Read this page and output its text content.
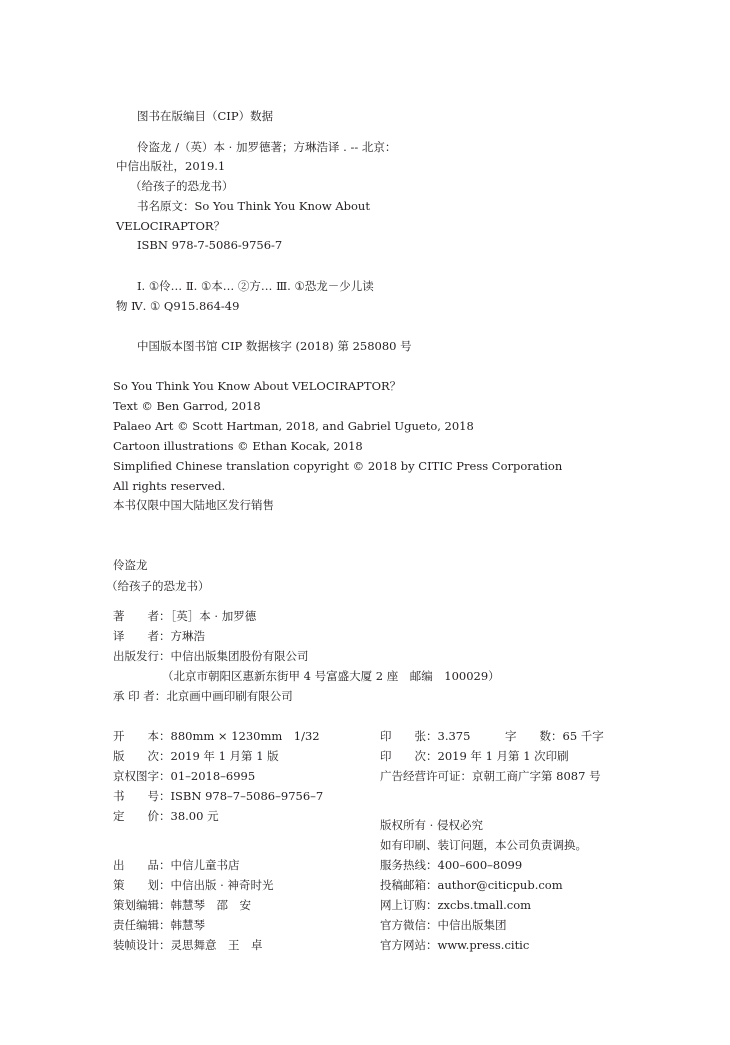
图书在版编目（CIP）数据
伶盗龙 /（英）本 · 加罗德著；方琳浩译 . -- 北京：
中信出版社，2019.1
（给孩子的恐龙书）
书名原文：So You Think You Know About
VELOCIRAPTOR？
ISBN 978-7-5086-9756-7
Ⅰ. ①伶… Ⅱ. ①本… ②方… Ⅲ. ①恐龙－少儿读
物 Ⅳ. ① Q915.864-49
中国版本图书馆 CIP 数据核字 (2018) 第 258080 号
So You Think You Know About VELOCIRAPTOR？
Text © Ben Garrod, 2018
Palaeo Art © Scott Hartman, 2018, and Gabriel Ugueto, 2018
Cartoon illustrations © Ethan Kocak, 2018
Simplified Chinese translation copyright © 2018 by CITIC Press Corporation
All rights reserved.
本书仅限中国大陆地区发行销售
伶盗龙
（给孩子的恐龙书）
著　　者：［英］本 · 加罗德
译　　者：方琳浩
出版发行：中信出版集团股份有限公司
（北京市朝阳区惠新东街甲 4 号富盛大厦 2 座　邮编　100029）
承 印 者：北京画中画印刷有限公司
开　　本：880mm × 1230mm　1/32
版　　次：2019 年 1 月第 1 版
京权图字：01–2018–6995
书　　号：ISBN 978–7–5086–9756–7
定　　价：38.00 元
印　　张：3.375	字　　数：65 千字
印　　次：2019 年 1 月第 1 次印刷
广告经营许可证：京朝工商广字第 8087 号
版权所有 · 侵权必究
如有印刷、装订问题，本公司负责调换。
出　　品：中信儿童书店
策　　划：中信出版 · 神奇时光
策划编辑：韩慧琴　邵　安
责任编辑：韩慧琴
装帧设计：灵思舞意　王　卓
服务热线：400–600–8099
投稿邮箱：author@citicpub.com
网上订购：zxcbs.tmall.com
官方微信：中信出版集团
官方网站：www.press.citic
